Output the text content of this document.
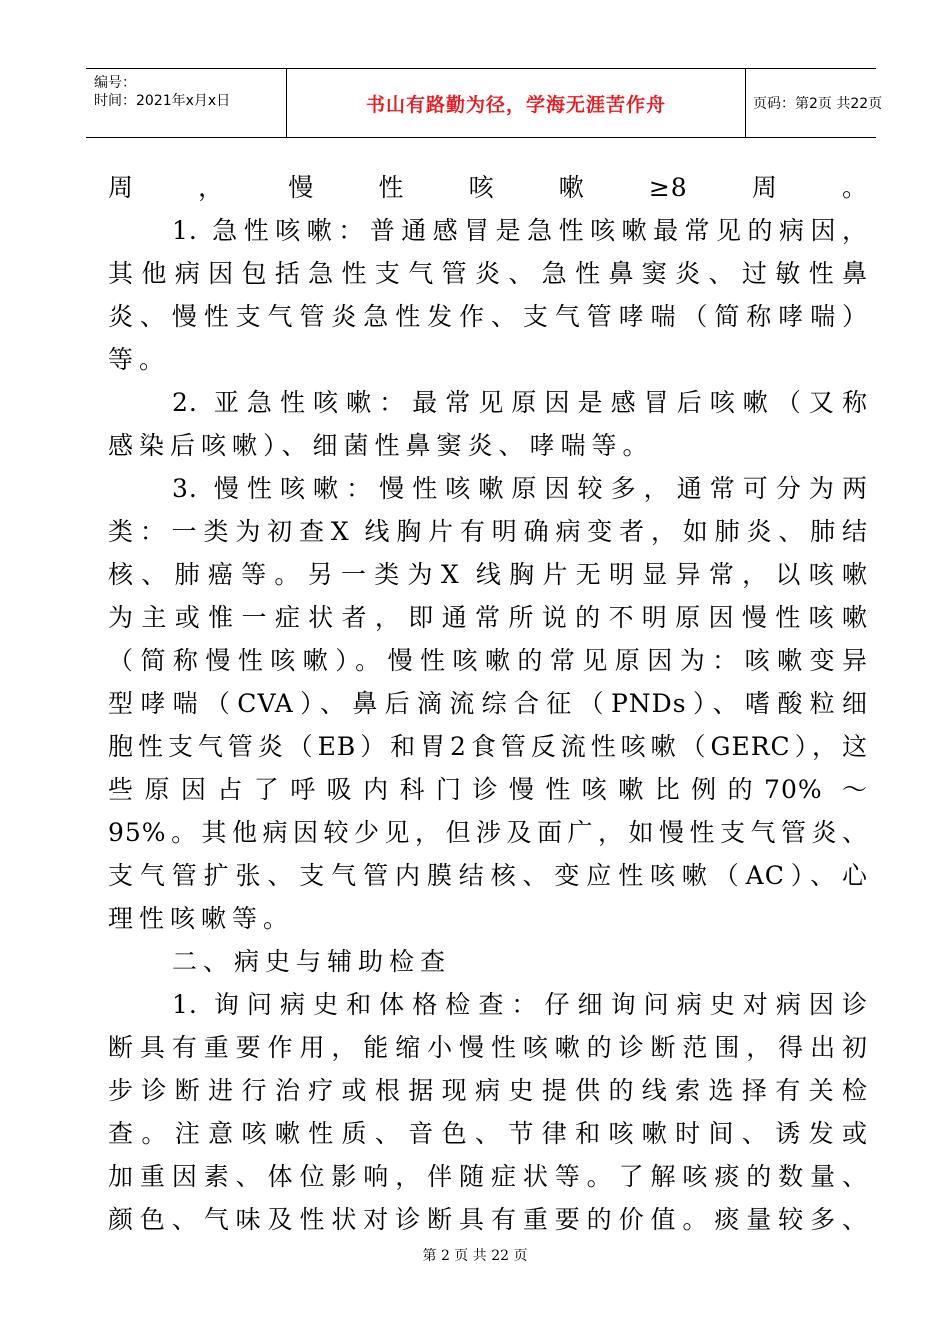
编号：
时间：2021年x月x日	书山有路勤为径，学海无涯苦作舟	页码：第2页 共22页
周，慢性咳嗽≥8周。
1. 急性咳嗽：普通感冒是急性咳嗽最常见的病因，
其他病因包括急性支气管炎、急性鼻窦炎、过敏性鼻
炎、慢性支气管炎急性发作、支气管哮喘（简称哮喘）
等。
2. 亚急性咳嗽：最常见原因是感冒后咳嗽（又称
感染后咳嗽）、细菌性鼻窦炎、哮喘等。
3. 慢性咳嗽：慢性咳嗽原因较多，通常可分为两
类：一类为初查X 线胸片有明确病变者，如肺炎、肺结
核、肺癌等。另一类为X 线胸片无明显异常，以咳嗽
为主或惟一症状者，即通常所说的不明原因慢性咳嗽
（简称慢性咳嗽）。慢性咳嗽的常见原因为：咳嗽变异
型哮喘（CVA）、鼻后滴流综合征（PNDs）、嗜酸粒细
胞性支气管炎（EB）和胃2食管反流性咳嗽（GERC），这
些原因占了呼吸内科门诊慢性咳嗽比例的70% ～
95%。其他病因较少见，但涉及面广，如慢性支气管炎、
支气管扩张、支气管内膜结核、变应性咳嗽（AC）、心
理性咳嗽等。
二、病史与辅助检查
1. 询问病史和体格检查：仔细询问病史对病因诊
断具有重要作用，能缩小慢性咳嗽的诊断范围，得出初
步诊断进行治疗或根据现病史提供的线索选择有关检
查。注意咳嗽性质、音色、节律和咳嗽时间、诱发或
加重因素、体位影响，伴随症状等。了解咳痰的数量、
颜色、气味及性状对诊断具有重要的价值。痰量较多、
第 2 页 共 22 页
